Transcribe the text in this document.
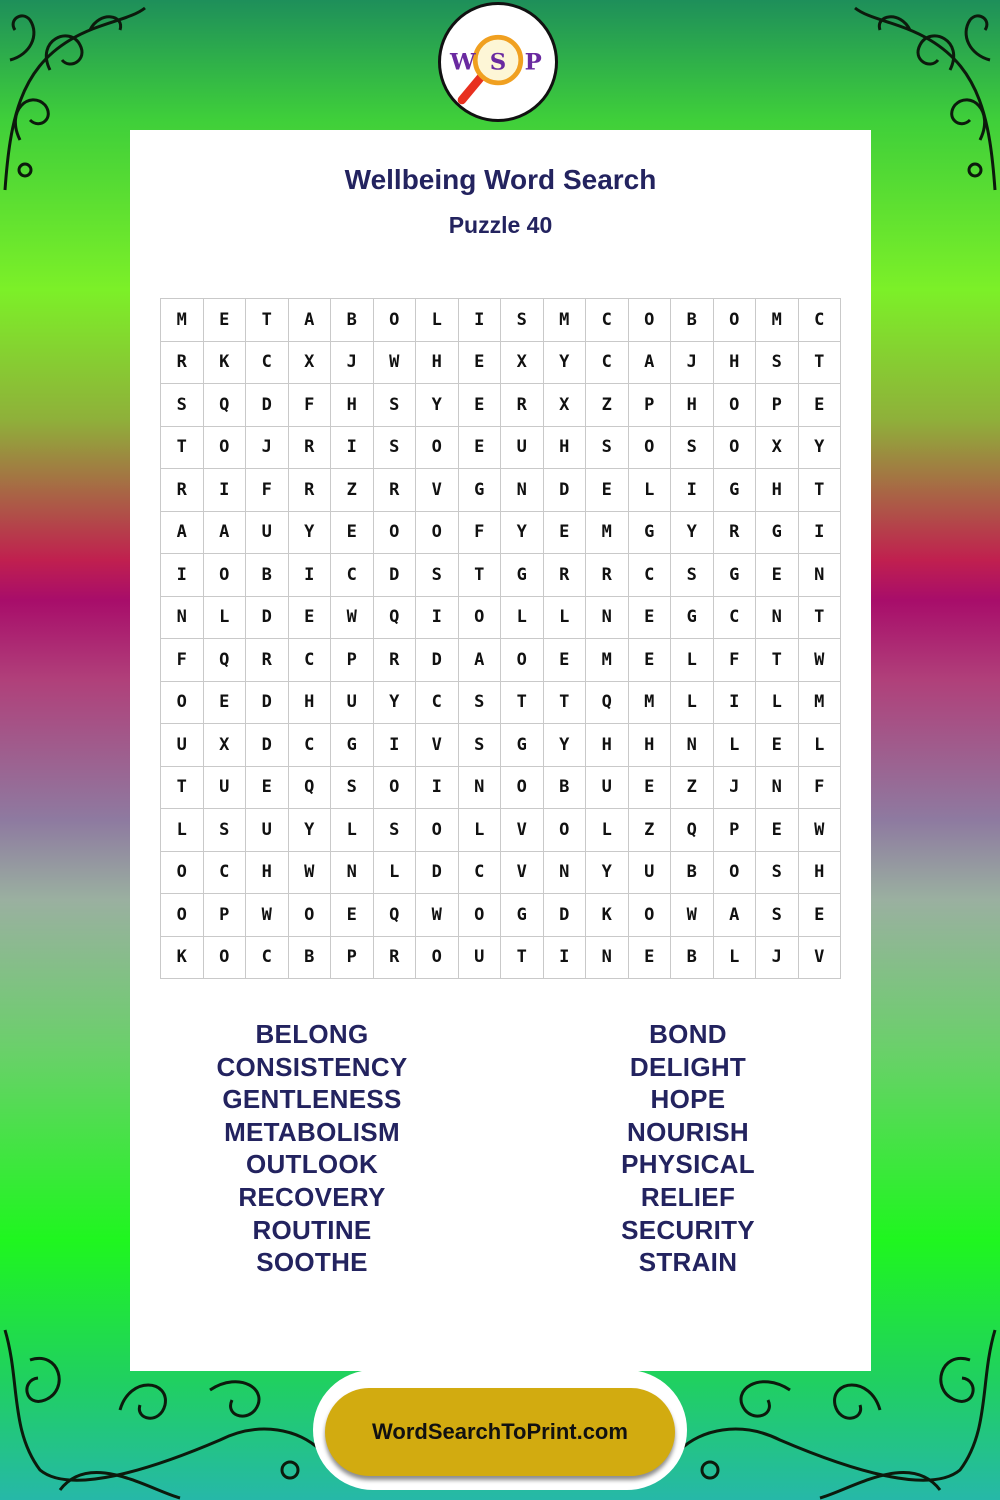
W S P
Wellbeing Word Search
Puzzle 40
M	E	T	A	B	O	L	I	S	M	C	O	B	O	M	C
R	K	C	X	J	W	H	E	X	Y	C	A	J	H	S	T
S	Q	D	F	H	S	Y	E	R	X	Z	P	H	O	P	E
T	O	J	R	I	S	O	E	U	H	S	O	S	O	X	Y
R	I	F	R	Z	R	V	G	N	D	E	L	I	G	H	T
A	A	U	Y	E	O	O	F	Y	E	M	G	Y	R	G	I
I	O	B	I	C	D	S	T	G	R	R	C	S	G	E	N
N	L	D	E	W	Q	I	O	L	L	N	E	G	C	N	T
F	Q	R	C	P	R	D	A	O	E	M	E	L	F	T	W
O	E	D	H	U	Y	C	S	T	T	Q	M	L	I	L	M
U	X	D	C	G	I	V	S	G	Y	H	H	N	L	E	L
T	U	E	Q	S	O	I	N	O	B	U	E	Z	J	N	F
L	S	U	Y	L	S	O	L	V	O	L	Z	Q	P	E	W
O	C	H	W	N	L	D	C	V	N	Y	U	B	O	S	H
O	P	W	O	E	Q	W	O	G	D	K	O	W	A	S	E
K	O	C	B	P	R	O	U	T	I	N	E	B	L	J	V
BELONG
CONSISTENCY
GENTLENESS
METABOLISM
OUTLOOK
RECOVERY
ROUTINE
SOOTHE
BOND
DELIGHT
HOPE
NOURISH
PHYSICAL
RELIEF
SECURITY
STRAIN
WordSearchToPrint.com
